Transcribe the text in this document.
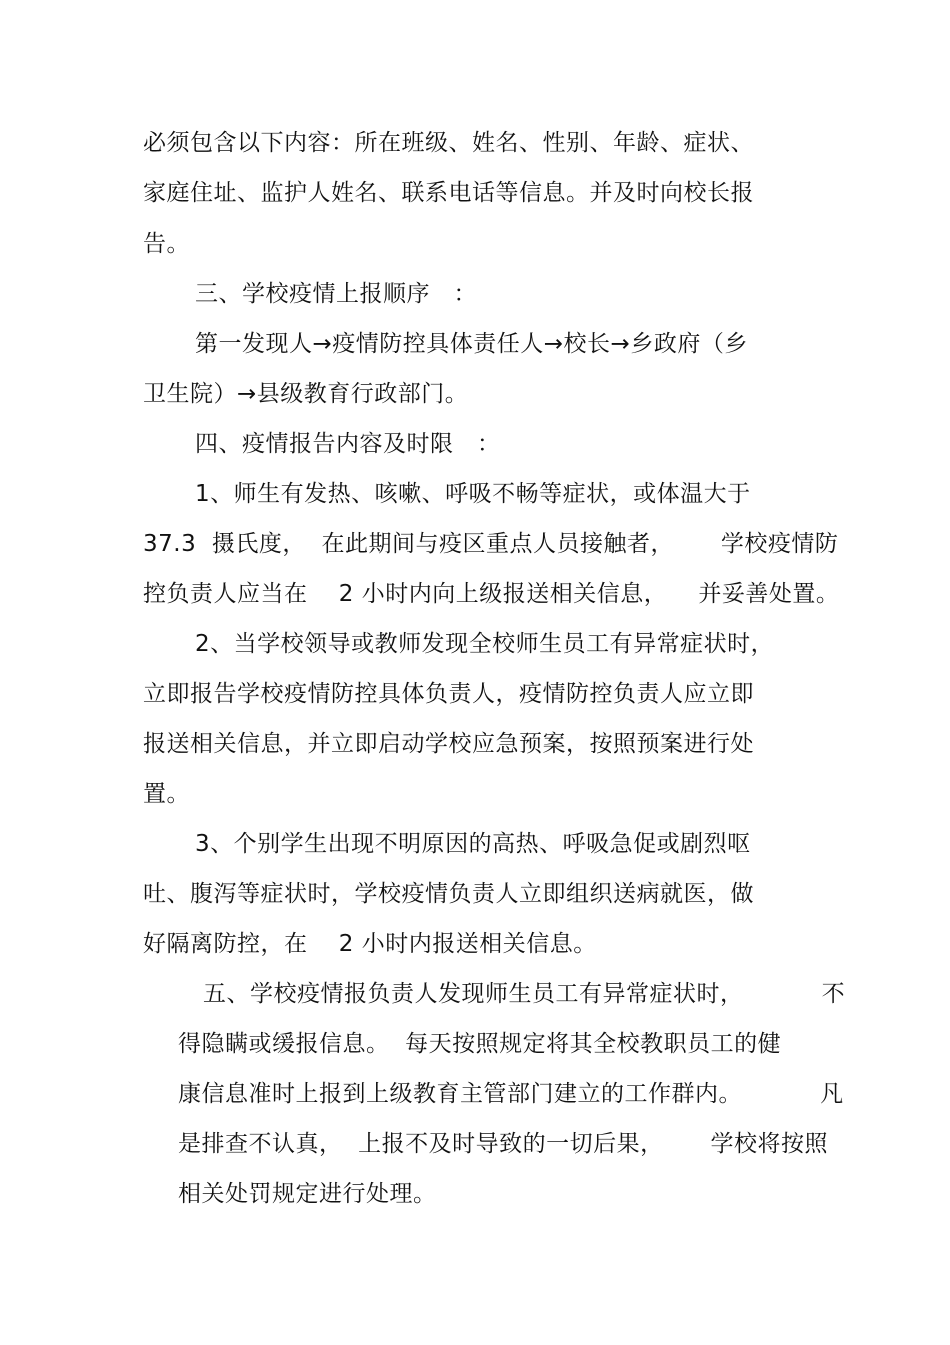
必须包含以下内容：所在班级、姓名、性别、年龄、症状、
家庭住址、监护人姓名、联系电话等信息。并及时向校长报
告。
三、学校疫情上报顺序　：
第一发现人→疫情防控具体责任人→校长→乡政府（乡
卫生院）→县级教育行政部门。
四、疫情报告内容及时限　：
1、师生有发热、咳嗽、呼吸不畅等症状，或体温大于
37.3  摄氏度，  在此期间与疫区重点人员接触者，      学校疫情防
控负责人应当在    2 小时内向上级报送相关信息，    并妥善处置。
2、当学校领导或教师发现全校师生员工有异常症状时，
立即报告学校疫情防控具体负责人，疫情防控负责人应立即
报送相关信息，并立即启动学校应急预案，按照预案进行处
置。
3、个别学生出现不明原因的高热、呼吸急促或剧烈呕
吐、腹泻等症状时，学校疫情负责人立即组织送病就医，做
好隔离防控，在    2 小时内报送相关信息。
五、学校疫情报负责人发现师生员工有异常症状时，          不
得隐瞒或缓报信息。  每天按照规定将其全校教职员工的健
康信息准时上报到上级教育主管部门建立的工作群内。          凡
是排查不认真，  上报不及时导致的一切后果，      学校将按照
相关处罚规定进行处理。
